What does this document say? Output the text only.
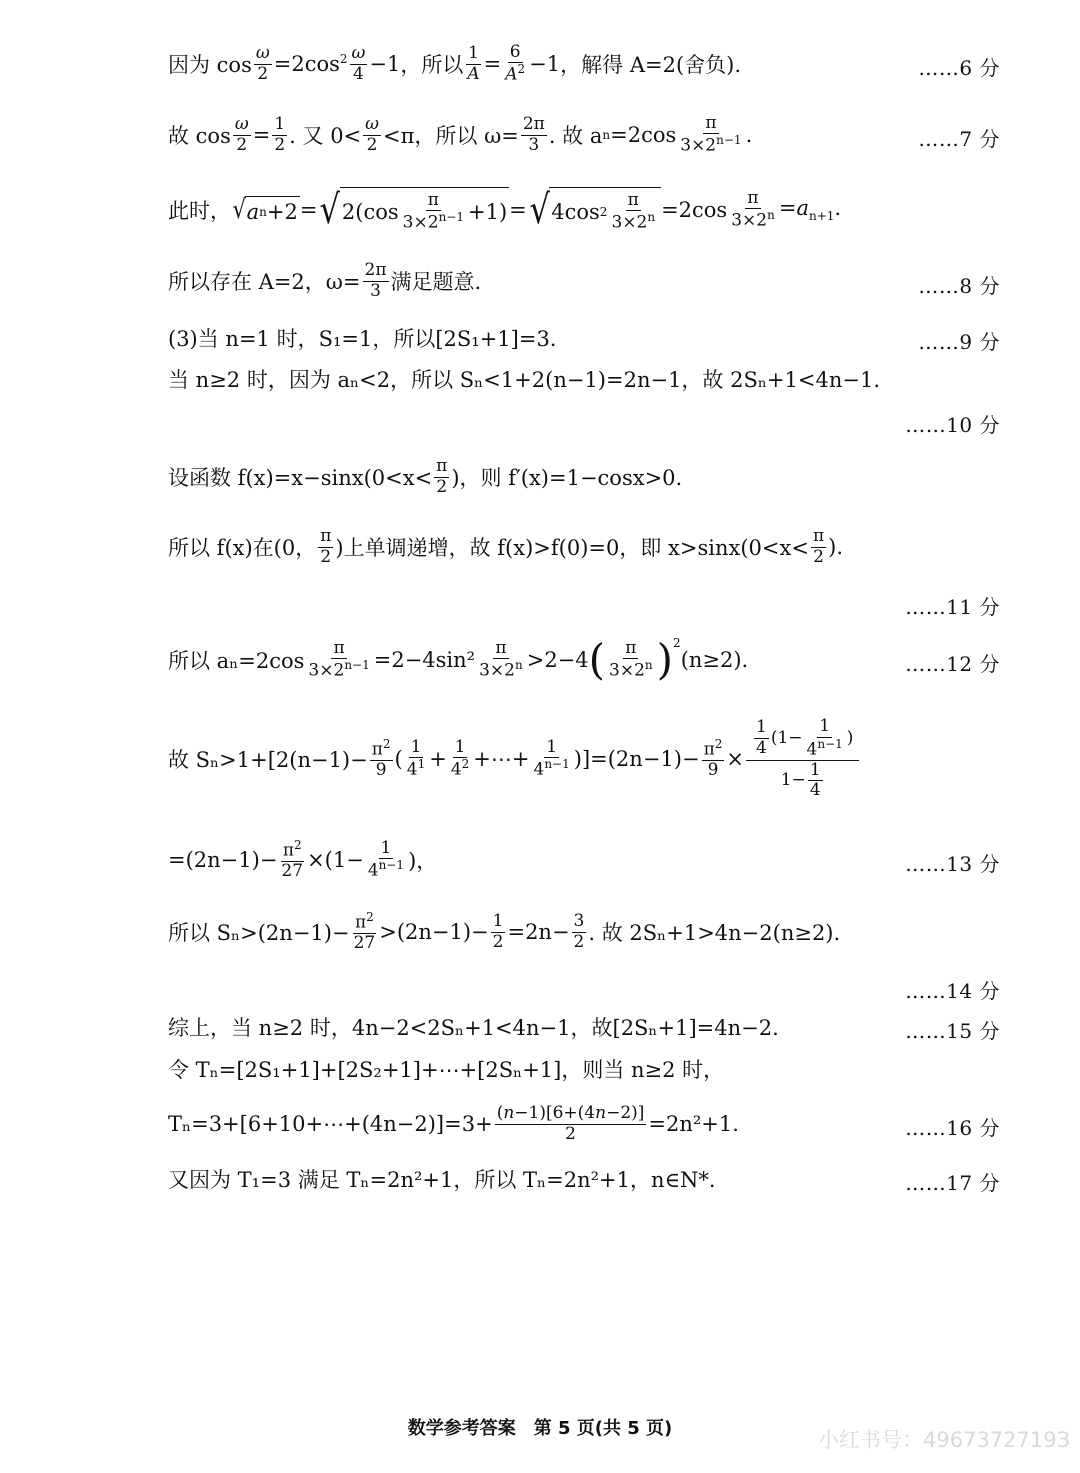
因为 $\cos \frac{\omega}{2} =2\cos^2$ ω
4 −1 ，所以 $\frac{1}{A} = \frac{6}{A^2} -1$ ，解得 A=2(舍负).	……6 分
故 $\cos \frac{\omega}{2} = \frac{1}{2}$ . 又 0<
ω
2 <π，所以 $\omega= \frac{2\pi}{3}$ . 故 a n =2cos
π
$3\times 2^{n-1}$ .	……7 分
此时， √ a n +2 = √ 2(cos
π
$3\times 2^{n-1} +1$) = √ 4cos 2
π
$3\times 2^n =2\cos \frac{\pi}{3\times 2^n} =a_{n+1}$.
所以存在 A=2，$\omega= \frac{2\pi}{3}$ 满足题意.	……8 分
(3)当 n=1 时，S₁=1，所以[2S₁+1]=3.	……9 分
当 n≥2 时，因为 aₙ<2，所以 Sₙ<1+2(n−1)=2n−1，故 2Sₙ+1<4n−1.
……10 分
设函数 f(x)=x−sinx(0<x<
π
2 )，则 f′(x)=1−cosx>0.
所以 f(x)在(0，
π
2 )上单调递增，故 f(x)>f(0)=0，即 x>sinx(0<x<
π
2 ).
……11 分
所以 $a_n=2\cos \frac{\pi}{3\times 2^{n-1}} =2-4\sin^2$
π
$3\times 2^n >2-4$ ( π
$3\times 2^n$ )$^2$
(n≥2).	……12 分
故 $S_n>1+[2(n-1)- \frac{\pi^2}{9}$ (
1
$4^1 + \frac{1}{4^2}$ +⋯+ $\frac{1}{4^{n-1}}$ ) ]$=(2n-1)- \frac{\pi^2}{9} \times 1$
4
(1−
1
$4^{n-1}$ )
1−
1
4
$=(2n-1)- \frac{\pi^2}{27} \times(1- \frac{1}{4^{n-1}}$ )，	……13 分
所以 $S_n>(2n-1)- \frac{\pi^2}{27} >(2n-1)- \frac{1}{2} =2n- \frac{3}{2}$ . 故 2Sₙ+1>4n−2(n≥2).
……14 分
综上，当 n≥2 时，4n−2<2Sₙ+1<4n−1，故[2Sₙ+1]=4n−2.	……15 分
令 Tₙ=[2S₁+1]+[2S₂+1]+⋯+[2Sₙ+1]，则当 n≥2 时，
Tₙ=3+[6+10+⋯+(4n−2)]=3+ $\frac{(n-1)[6+(4n-2)]}{2} =2n^2+1$.	……16 分
又因为 T₁=3 满足 Tₙ=2n²+1，所以 Tₙ=2n²+1，n∈N*.	……17 分
数学参考答案　第 5 页(共 5 页)	小红书号：4967372719З
